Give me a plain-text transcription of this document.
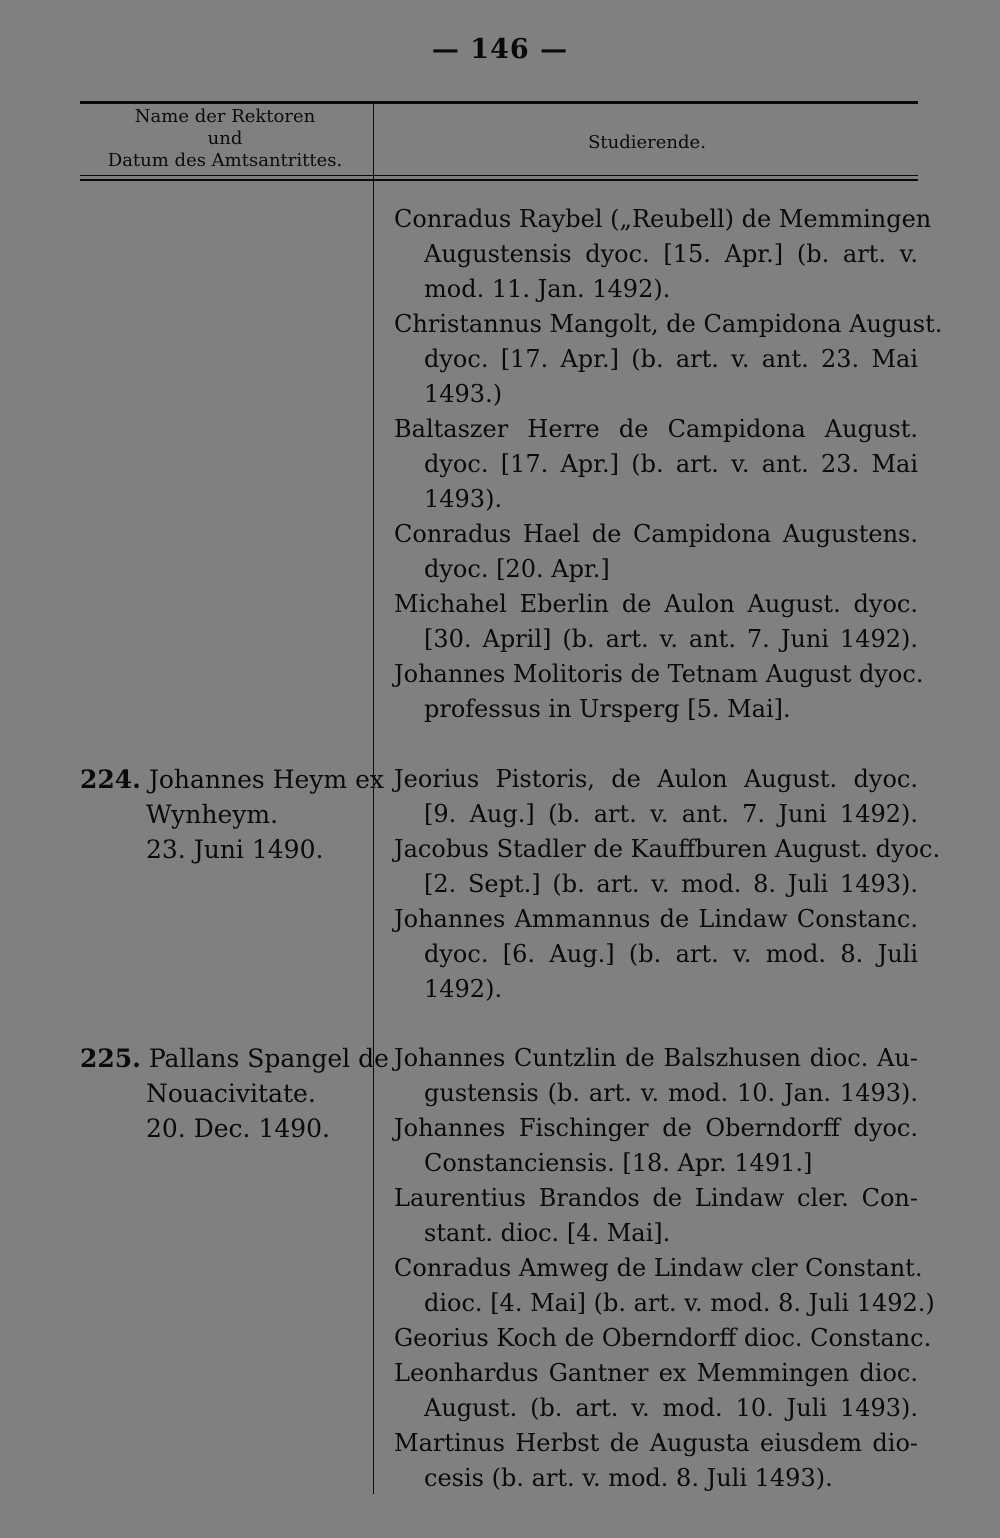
— 146 —
Name der Rektoren
und
Datum des Amtsantrittes.
Studierende.
224. Johannes Heym ex
Wynheym.
23. Juni 1490.
225. Pallans Spangel de
Nouacivitate.
20. Dec. 1490.
Conradus Raybel („Reubell) de Memmingen
Augustensis dyoc. [15. Apr.] (b. art. v.
mod. 11. Jan. 1492).
Christannus Mangolt, de Campidona August.
dyoc. [17. Apr.] (b. art. v. ant. 23. Mai
1493.)
Baltaszer Herre de Campidona August.
dyoc. [17. Apr.] (b. art. v. ant. 23. Mai
1493).
Conradus Hael de Campidona Augustens.
dyoc. [20. Apr.]
Michahel Eberlin de Aulon August. dyoc.
[30. April] (b. art. v. ant. 7. Juni 1492).
Johannes Molitoris de Tetnam August dyoc.
professus in Ursperg [5. Mai].
Jeorius Pistoris, de Aulon August. dyoc.
[9. Aug.] (b. art. v. ant. 7. Juni 1492).
Jacobus Stadler de Kauffburen August. dyoc.
[2. Sept.] (b. art. v. mod. 8. Juli 1493).
Johannes Ammannus de Lindaw Constanc.
dyoc. [6. Aug.] (b. art. v. mod. 8. Juli
1492).
Johannes Cuntzlin de Balszhusen dioc. Au-
gustensis (b. art. v. mod. 10. Jan. 1493).
Johannes Fischinger de Oberndorff dyoc.
Constanciensis. [18. Apr. 1491.]
Laurentius Brandos de Lindaw cler. Con-
stant. dioc. [4. Mai].
Conradus Amweg de Lindaw cler Constant.
dioc. [4. Mai] (b. art. v. mod. 8. Juli 1492.)
Georius Koch de Oberndorff dioc. Constanc.
Leonhardus Gantner ex Memmingen dioc.
August. (b. art. v. mod. 10. Juli 1493).
Martinus Herbst de Augusta eiusdem dio-
cesis (b. art. v. mod. 8. Juli 1493).
